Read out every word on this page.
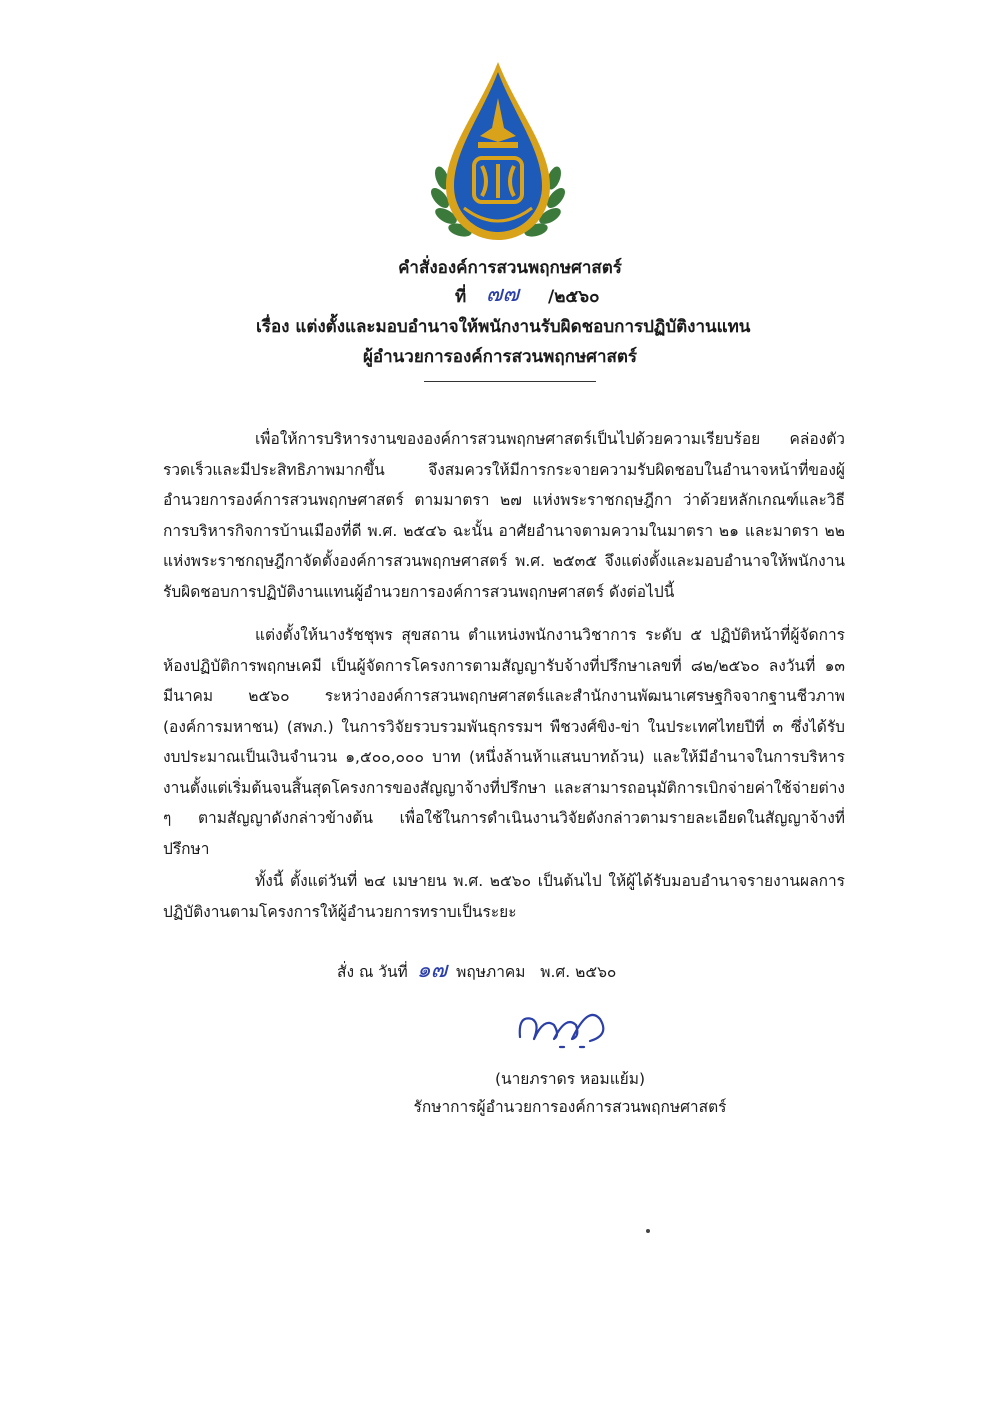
คำสั่งองค์การสวนพฤกษศาสตร์
ที่ ๗๗ /๒๕๖๐
เรื่อง แต่งตั้งและมอบอำนาจให้พนักงานรับผิดชอบการปฏิบัติงานแทน
ผู้อำนวยการองค์การสวนพฤกษศาสตร์
เพื่อให้การบริหารงานขององค์การสวนพฤกษศาสตร์เป็นไปด้วยความเรียบร้อย คล่องตัว รวดเร็วและมีประสิทธิภาพมากขึ้น จึงสมควรให้มีการกระจายความรับผิดชอบในอำนาจหน้าที่ของผู้อำนวยการองค์การสวนพฤกษศาสตร์ ตามมาตรา ๒๗ แห่งพระราชกฤษฎีกา ว่าด้วยหลักเกณฑ์และวิธีการบริหารกิจการบ้านเมืองที่ดี พ.ศ. ๒๕๔๖ ฉะนั้น อาศัยอำนาจตามความในมาตรา ๒๑ และมาตรา ๒๒ แห่งพระราชกฤษฎีกาจัดตั้งองค์การสวนพฤกษศาสตร์ พ.ศ. ๒๕๓๕ จึงแต่งตั้งและมอบอำนาจให้พนักงานรับผิดชอบการปฏิบัติงานแทนผู้อำนวยการองค์การสวนพฤกษศาสตร์ ดังต่อไปนี้
แต่งตั้งให้นางรัชชุพร สุขสถาน ตำแหน่งพนักงานวิชาการ ระดับ ๕ ปฏิบัติหน้าที่ผู้จัดการห้องปฏิบัติการพฤกษเคมี เป็นผู้จัดการโครงการตามสัญญารับจ้างที่ปรึกษาเลขที่ ๘๒/๒๕๖๐ ลงวันที่ ๑๓ มีนาคม ๒๕๖๐ ระหว่างองค์การสวนพฤกษศาสตร์และสำนักงานพัฒนาเศรษฐกิจจากฐานชีวภาพ (องค์การมหาชน) (สพภ.) ในการวิจัยรวบรวมพันธุกรรมฯ พืชวงศ์ขิง-ข่า ในประเทศไทยปีที่ ๓ ซึ่งได้รับงบประมาณเป็นเงินจำนวน ๑,๕๐๐,๐๐๐ บาท (หนึ่งล้านห้าแสนบาทถ้วน) และให้มีอำนาจในการบริหารงานตั้งแต่เริ่มต้นจนสิ้นสุดโครงการของสัญญาจ้างที่ปรึกษา และสามารถอนุมัติการเบิกจ่ายค่าใช้จ่ายต่าง ๆ ตามสัญญาดังกล่าวข้างต้น เพื่อใช้ในการดำเนินงานวิจัยดังกล่าวตามรายละเอียดในสัญญาจ้างที่ปรึกษา
ทั้งนี้ ตั้งแต่วันที่ ๒๔ เมษายน พ.ศ. ๒๕๖๐ เป็นต้นไป ให้ผู้ได้รับมอบอำนาจรายงานผลการปฏิบัติงานตามโครงการให้ผู้อำนวยการทราบเป็นระยะ
สั่ง ณ วันที่ ๑๗ พฤษภาคม พ.ศ. ๒๕๖๐
(นายภราดร หอมแย้ม)
รักษาการผู้อำนวยการองค์การสวนพฤกษศาสตร์
